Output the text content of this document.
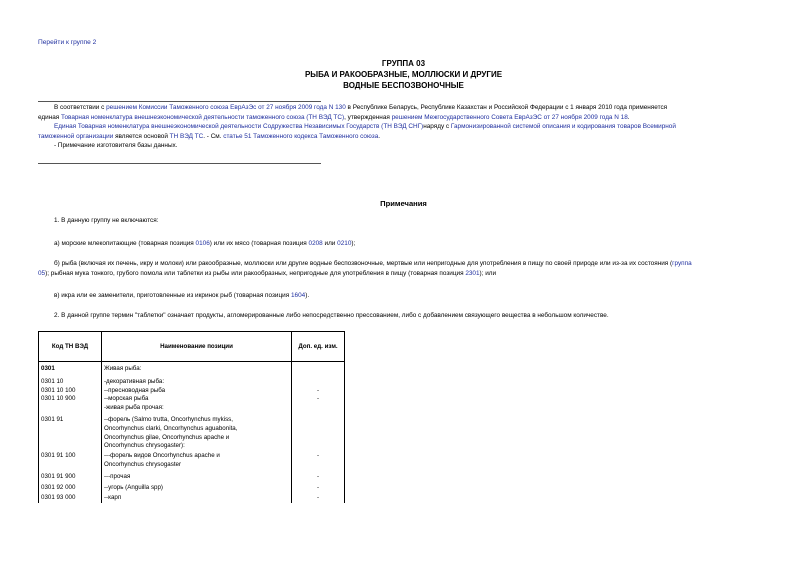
Перейти к группе 2
ГРУППА 03
РЫБА И РАКООБРАЗНЫЕ, МОЛЛЮСКИ И ДРУГИЕ
ВОДНЫЕ БЕСПОЗВОНОЧНЫЕ
В соответствии с решением Комиссии Таможенного союза ЕврАзЭс от 27 ноября 2009 года N 130 в Республике Беларусь, Республике Казахстан и Российской Федерации с 1 января 2010 года применяется
единая Товарная номенклатура внешнеэкономической деятельности таможенного союза (ТН ВЭД ТС), утвержденная решением Межгосударственного Совета ЕврАзЭС от 27 ноября 2009 года N 18.
Единая Товарная номенклатура внешнеэкономической деятельности Содружества Независимых Государств (ТН ВЭД СНГ)наряду с Гармонизированной системой описания и кодирования товаров Всемирной
таможенной организации является основой ТН ВЭД ТС. - См. статье 51 Таможенного кодекса Таможенного союза.
- Примечание изготовителя базы данных.
Примечания
1. В данную группу не включаются:
а) морские млекопитающие (товарная позиция 0106) или их мясо (товарная позиция 0208 или 0210);
б) рыба (включая их печень, икру и молоки) или ракообразные, моллюски или другие водные беспозвоночные, мертвые или непригодные для употребления в пищу по своей природе или из-за их состояния (группа
05); рыбная мука тонкого, грубого помола или таблетки из рыбы или ракообразных, непригодные для употребления в пищу (товарная позиция 2301); или
в) икра или ее заменители, приготовленные из икринок рыб (товарная позиция 1604).
2. В данной группе термин "таблетки" означает продукты, агломерированные либо непосредственно прессованием, либо с добавлением связующего вещества в небольшом количестве.
Код ТН ВЭД	Наименование позиции	Доп. ед. изм.

0301	Живая рыба:	

0301 10	-декоративная рыба:	
0301 10 100	--пресноводная рыба	-
0301 10 900	--морская рыба	-
	-живая рыба прочая:	

0301 91	--форель (Salmo trutta, Oncorhynchus mykiss, Oncorhynchus clarki, Oncorhynchus aguabonita, Oncorhynchus gilae, Oncorhynchus apache и Oncorhynchus chrysogaster):	

0301 91 100	---форель видов Oncorhynchus apache и Oncorhynchus chrysogaster	-

0301 91 900	---прочая	-

0301 92 000	--угорь (Anguilla spp)	-

0301 93 000	--карп	-
